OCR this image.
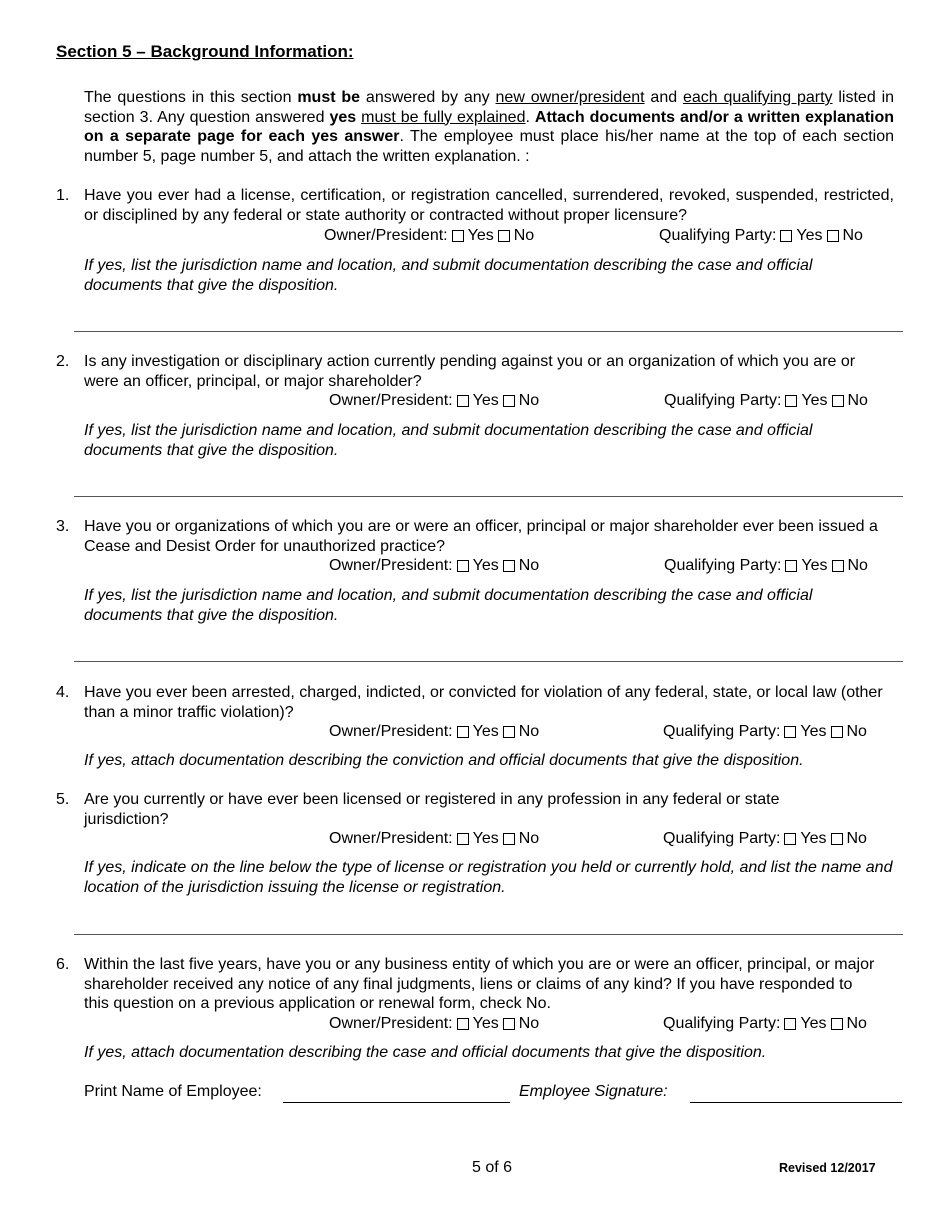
Section 5 – Background Information:
The questions in this section must be answered by any new owner/president and each qualifying party listed in section 3. Any question answered yes must be fully explained. Attach documents and/or a written explanation on a separate page for each yes answer. The employee must place his/her name at the top of each section number 5, page number 5, and attach the written explanation. :
1. Have you ever had a license, certification, or registration cancelled, surrendered, revoked, suspended, restricted, or disciplined by any federal or state authority or contracted without proper licensure?
Owner/President: Yes No	Qualifying Party: Yes No
If yes, list the jurisdiction name and location, and submit documentation describing the case and official documents that give the disposition.
2. Is any investigation or disciplinary action currently pending against you or an organization of which you are or were an officer, principal, or major shareholder?
Owner/President: Yes No	Qualifying Party: Yes No
If yes, list the jurisdiction name and location, and submit documentation describing the case and official documents that give the disposition.
3. Have you or organizations of which you are or were an officer, principal or major shareholder ever been issued a Cease and Desist Order for unauthorized practice?
Owner/President: Yes No	Qualifying Party: Yes No
If yes, list the jurisdiction name and location, and submit documentation describing the case and official documents that give the disposition.
4. Have you ever been arrested, charged, indicted, or convicted for violation of any federal, state, or local law (other than a minor traffic violation)?
Owner/President: Yes No	Qualifying Party: Yes No
If yes, attach documentation describing the conviction and official documents that give the disposition.
5. Are you currently or have ever been licensed or registered in any profession in any federal or state jurisdiction?
Owner/President: Yes No	Qualifying Party: Yes No
If yes, indicate on the line below the type of license or registration you held or currently hold, and list the name and location of the jurisdiction issuing the license or registration.
6. Within the last five years, have you or any business entity of which you are or were an officer, principal, or major shareholder received any notice of any final judgments, liens or claims of any kind? If you have responded to this question on a previous application or renewal form, check No.
Owner/President: Yes No	Qualifying Party: Yes No
If yes, attach documentation describing the case and official documents that give the disposition.
Print Name of Employee:	Employee Signature:
5 of 6	Revised 12/2017
